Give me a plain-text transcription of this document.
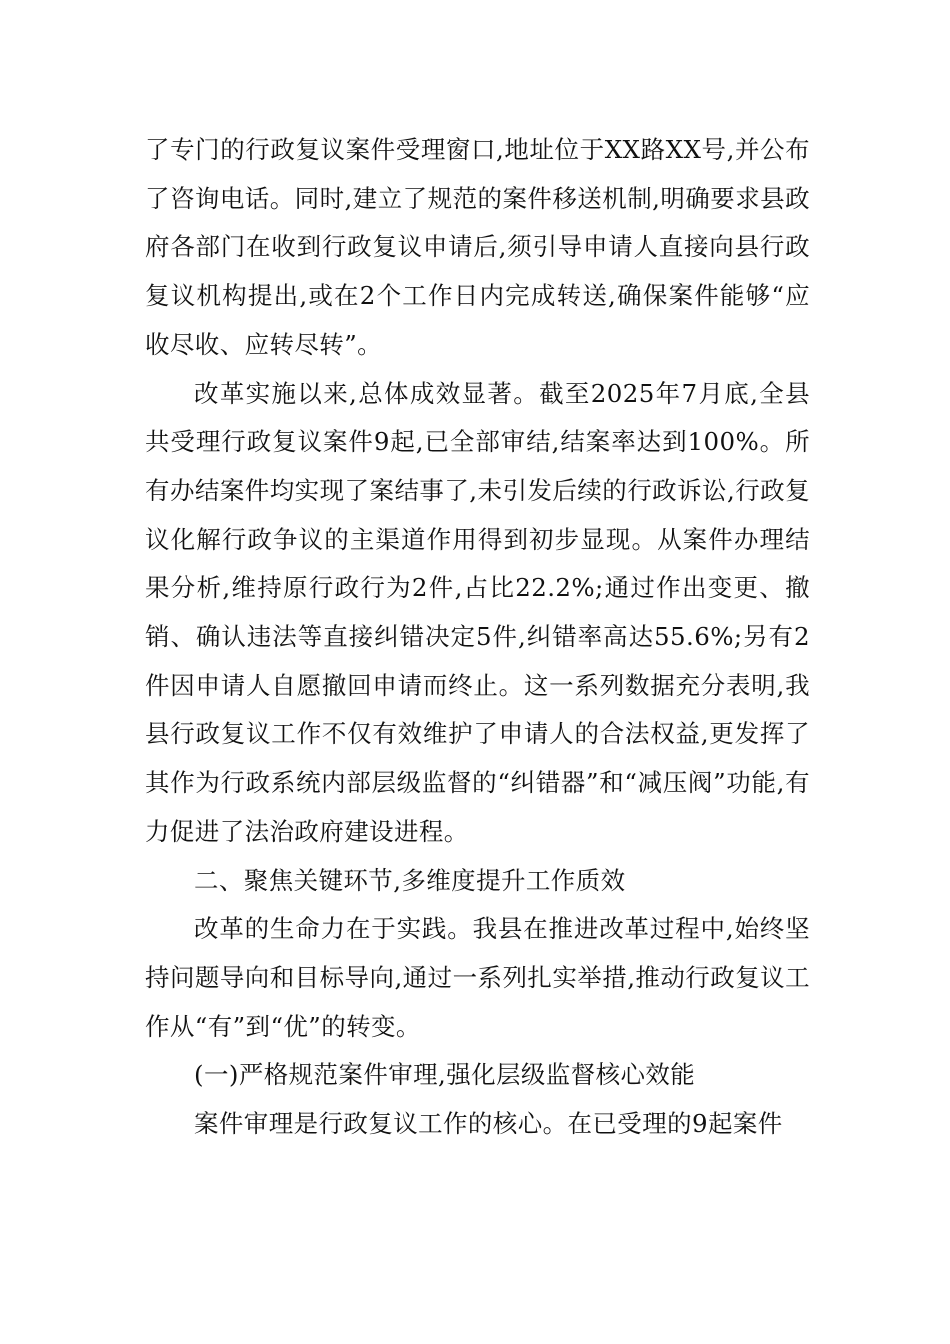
了专门的行政复议案件受理窗口,地址位于XX路XX号,并公布了咨询电话。同时,建立了规范的案件移送机制,明确要求县政府各部门在收到行政复议申请后,须引导申请人直接向县行政复议机构提出,或在2个工作日内完成转送,确保案件能够“应收尽收、应转尽转”。

改革实施以来,总体成效显著。截至2025年7月底,全县共受理行政复议案件9起,已全部审结,结案率达到100%。所有办结案件均实现了案结事了,未引发后续的行政诉讼,行政复议化解行政争议的主渠道作用得到初步显现。从案件办理结果分析,维持原行政行为2件,占比22.2%;通过作出变更、撤销、确认违法等直接纠错决定5件,纠错率高达55.6%;另有2件因申请人自愿撤回申请而终止。这一系列数据充分表明,我县行政复议工作不仅有效维护了申请人的合法权益,更发挥了其作为行政系统内部层级监督的“纠错器”和“减压阀”功能,有力促进了法治政府建设进程。

二、聚焦关键环节,多维度提升工作质效

改革的生命力在于实践。我县在推进改革过程中,始终坚持问题导向和目标导向,通过一系列扎实举措,推动行政复议工作从“有”到“优”的转变。

(一)严格规范案件审理,强化层级监督核心效能

案件审理是行政复议工作的核心。在已受理的9起案件
